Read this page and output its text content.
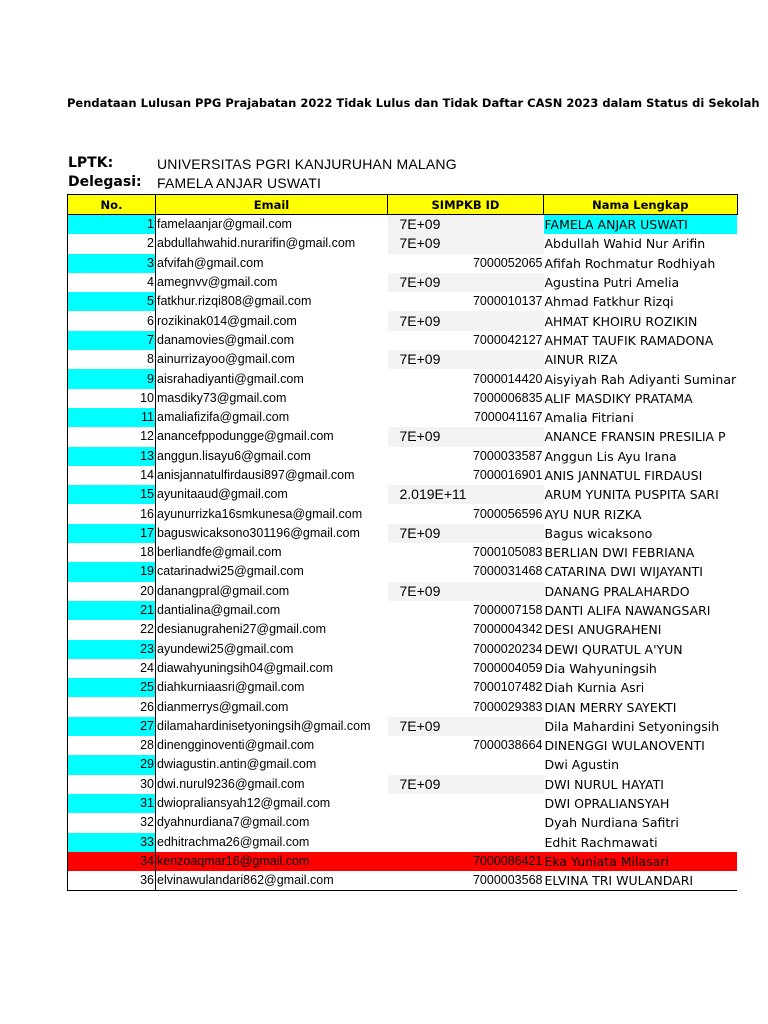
Pendataan Lulusan PPG Prajabatan 2022 Tidak Lulus dan Tidak Daftar CASN 2023 dalam Status di Sekolah
LPTK:	UNIVERSITAS PGRI KANJURUHAN MALANG
Delegasi: FAMELA ANJAR USWATI
No.	Email	SIMPKB ID	Nama Lengkap
1	famelaanjar@gmail.com	7E+09	FAMELA ANJAR USWATI
2	abdullahwahid.nurarifin@gmail.com	7E+09	Abdullah Wahid Nur Arifin
3	afvifah@gmail.com	7000052065	Afifah Rochmatur Rodhiyah
4	amegnvv@gmail.com	7E+09	Agustina Putri Amelia
5	fatkhur.rizqi808@gmail.com	7000010137	Ahmad Fatkhur Rizqi
6	rozikinak014@gmail.com	7E+09	AHMAT KHOIRU ROZIKIN
7	danamovies@gmail.com	7000042127	AHMAT TAUFIK RAMADONA
8	ainurrizayoo@gmail.com	7E+09	AINUR RIZA
9	aisrahadiyanti@gmail.com	7000014420	Aisyiyah Rah Adiyanti Suminar
10	masdiky73@gmail.com	7000006835	ALIF MASDIKY PRATAMA
11	amaliafizifa@gmail.com	7000041167	Amalia Fitriani
12	anancefppodungge@gmail.com	7E+09	ANANCE FRANSIN PRESILIA P
13	anggun.lisayu6@gmail.com	7000033587	Anggun Lis Ayu Irana
14	anisjannatulfirdausi897@gmail.com	7000016901	ANIS JANNATUL FIRDAUSI
15	ayunitaaud@gmail.com	2.019E+11	ARUM YUNITA PUSPITA SARI
16	ayunurrizka16smkunesa@gmail.com	7000056596	AYU NUR RIZKA
17	baguswicaksono301196@gmail.com	7E+09	Bagus wicaksono
18	berliandfe@gmail.com	7000105083	BERLIAN DWI FEBRIANA
19	catarinadwi25@gmail.com	7000031468	CATARINA DWI WIJAYANTI
20	danangpral@gmail.com	7E+09	DANANG PRALAHARDO
21	dantialina@gmail.com	7000007158	DANTI ALIFA NAWANGSARI
22	desianugraheni27@gmail.com	7000004342	DESI ANUGRAHENI
23	ayundewi25@gmail.com	7000020234	DEWI QURATUL A'YUN
24	diawahyuningsih04@gmail.com	7000004059	Dia Wahyuningsih
25	diahkurniaasri@gmail.com	7000107482	Diah Kurnia Asri
26	dianmerrys@gmail.com	7000029383	DIAN MERRY SAYEKTI
27	dilamahardinisetyoningsih@gmail.com	7E+09	Dila Mahardini Setyoningsih
28	dinengginoventi@gmail.com	7000038664	DINENGGI WULANOVENTI
29	dwiagustin.antin@gmail.com		Dwi Agustin
30	dwi.nurul9236@gmail.com	7E+09	DWI NURUL HAYATI
31	dwiopraliansyah12@gmail.com		DWI OPRALIANSYAH
32	dyahnurdiana7@gmail.com		Dyah Nurdiana Safitri
33	edhitrachma26@gmail.com		Edhit Rachmawati
34	kenzoaqmar16@gmail.com	7000086421	Eka Yuniata Milasari
36	elvinawulandari862@gmail.com	7000003568	ELVINA TRI WULANDARI
